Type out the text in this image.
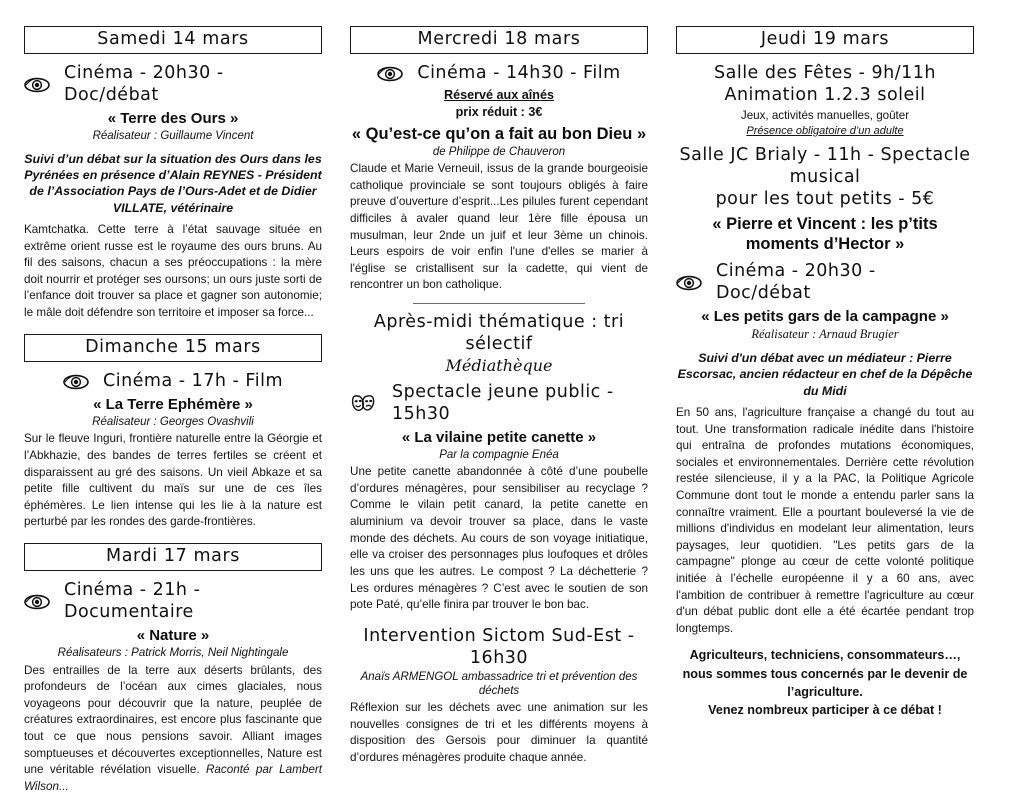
Samedi 14 mars
Cinéma - 20h30 - Doc/débat
« Terre des Ours »
Réalisateur : Guillaume Vincent
Suivi d’un débat sur la situation des Ours dans les Pyrénées en présence d’Alain REYNES - Président de l’Association Pays de l’Ours-Adet et de Didier VILLATE, vétérinaire
Kamtchatka. Cette terre à l’état sauvage située en extrême orient russe est le royaume des ours bruns. Au fil des saisons, chacun a ses préoccupations : la mère doit nourrir et protéger ses oursons; un ours juste sorti de l’enfance doit trouver sa place et gagner son autonomie; le mâle doit défendre son territoire et imposer sa force...
Dimanche 15 mars
Cinéma - 17h - Film
« La Terre Ephémère »
Réalisateur : Georges Ovashvili
Sur le fleuve Inguri, frontière naturelle entre la Géorgie et l’Abkhazie, des bandes de terres fertiles se créent et disparaissent au gré des saisons. Un vieil Abkaze et sa petite fille cultivent du maïs sur une de ces îles éphémères. Le lien intense qui les lie à la nature est perturbé par les rondes des garde-frontières.
Mardi 17 mars
Cinéma - 21h - Documentaire
« Nature »
Réalisateurs : Patrick Morris, Neil Nightingale
Des entrailles de la terre aux déserts brûlants, des profondeurs de l’océan aux cimes glaciales, nous voyageons pour découvrir que la nature, peuplée de créatures extraordinaires, est encore plus fascinante que tout ce que nous pensions savoir. Alliant images somptueuses et découvertes exceptionnelles, Nature est une véritable révélation visuelle. Raconté par Lambert Wilson...
Mercredi 18 mars
Cinéma - 14h30 - Film
Réservé aux aînés
prix réduit : 3€
« Qu’est-ce qu’on a fait au bon Dieu »
de Philippe de Chauveron
Claude et Marie Verneuil, issus de la grande bourgeoisie catholique provinciale se sont toujours obligés à faire preuve d’ouverture d’esprit...Les pilules furent cependant difficiles à avaler quand leur 1ère fille épousa un musulman, leur 2nde un juif et leur 3ème un chinois. Leurs espoirs de voir enfin l'une d'elles se marier à l'église se cristallisent sur la cadette, qui vient de rencontrer un bon catholique.
Après-midi thématique : tri sélectif
Médiathèque
Spectacle jeune public - 15h30
« La vilaine petite canette »
Par la compagnie Enéa
Une petite canette abandonnée à côté d’une poubelle d’ordures ménagères, pour sensibiliser au recyclage ? Comme le vilain petit canard, la petite canette en aluminium va devoir trouver sa place, dans le vaste monde des déchets. Au cours de son voyage initiatique, elle va croiser des personnages plus loufoques et drôles les uns que les autres. Le compost ? La déchetterie ? Les ordures ménagères ? C’est avec le soutien de son pote Paté, qu’elle finira par trouver le bon bac.
Intervention Sictom Sud-Est - 16h30
Anaïs ARMENGOL ambassadrice tri et prévention des déchets
Réflexion sur les déchets avec une animation sur les nouvelles consignes de tri et les différents moyens à disposition des Gersois pour diminuer la quantité d’ordures ménagères produite chaque année.
Jeudi 19 mars
Salle des Fêtes - 9h/11h
Animation 1.2.3 soleil
Jeux, activités manuelles, goûter
Présence obligatoire d’un adulte
Salle JC Brialy - 11h - Spectacle musical
pour les tout petits - 5€
« Pierre et Vincent : les p’tits moments d’Hector »
Cinéma - 20h30 - Doc/débat
« Les petits gars de la campagne »
Réalisateur : Arnaud Brugier
Suivi d'un débat avec un médiateur : Pierre Escorsac, ancien rédacteur en chef de la Dépêche du Midi
En 50 ans, l'agriculture française a changé du tout au tout. Une transformation radicale inédite dans l'histoire qui entraîna de profondes mutations économiques, sociales et environnementales. Derrière cette révolution restée silencieuse, il y a la PAC, la Politique Agricole Commune dont tout le monde a entendu parler sans la connaître vraiment. Elle a pourtant bouleversé la vie de millions d'individus en modelant leur alimentation, leurs paysages, leur quotidien. "Les petits gars de la campagne" plonge au cœur de cette volonté politique initiée à l’échelle européenne il y a 60 ans, avec l'ambition de contribuer à remettre l'agriculture au cœur d'un débat public dont elle a été écartée pendant trop longtemps.
Agriculteurs, techniciens, consommateurs…,
nous sommes tous concernés par le devenir de l’agriculture.
Venez nombreux participer à ce débat !
